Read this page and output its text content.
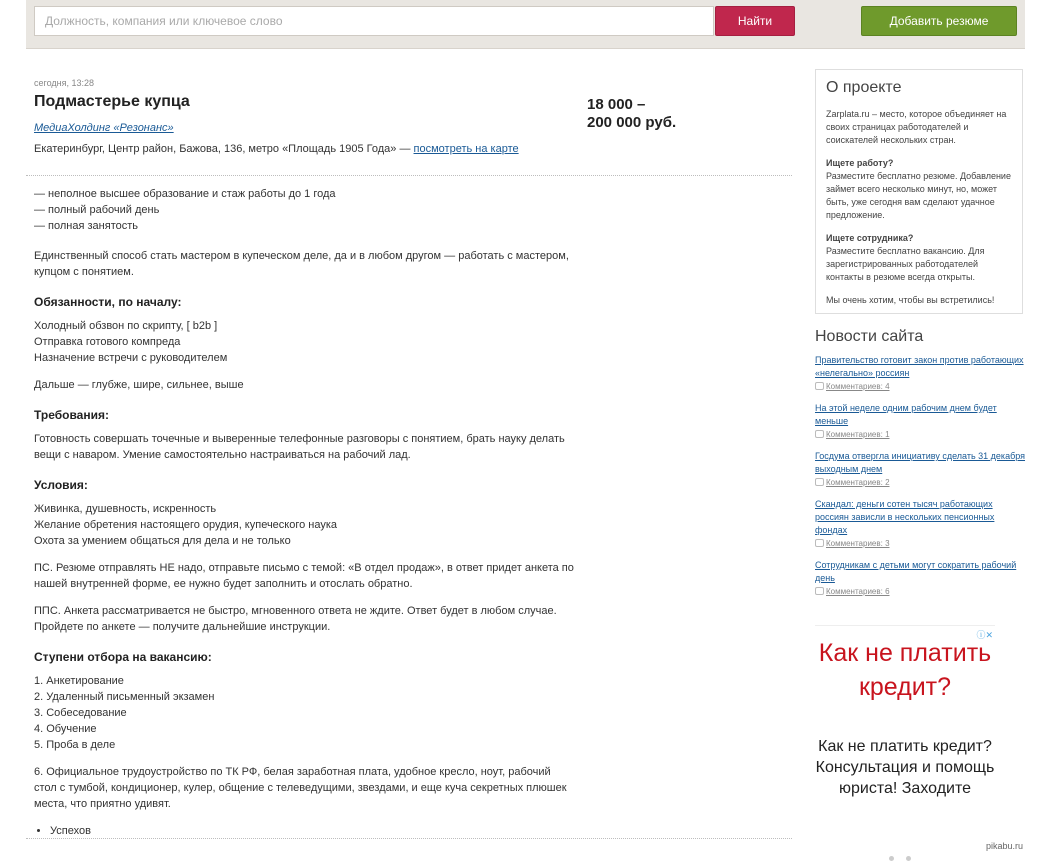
Должность, компания или ключевое слово
Найти	Добавить резюме
сегодня, 13:28
Подмастерье купца
МедиаХолдинг «Резонанс»
Екатеринбург, Центр район, Бажова, 136, метро «Площадь 1905 Года» — посмотреть на карте
18 000 –
200 000 руб.

— неполное высшее образование и стаж работы до 1 года
— полный рабочий день
— полная занятость

Единственный способ стать мастером в купеческом деле, да и в любом другом — работать с мастером, купцом с понятием.

Обязанности, по началу:

Холодный обзвон по скрипту, [ b2b ]
Отправка готового компреда
Назначение встречи с руководителем

Дальше — глубже, шире, сильнее, выше

Требования:

Готовность совершать точечные и выверенные телефонные разговоры с понятием, брать науку делать вещи с наваром. Умение самостоятельно настраиваться на рабочий лад.

Условия:

Живинка, душевность, искренность
Желание обретения настоящего орудия, купеческого наука
Охота за умением общаться для дела и не только

ПС. Резюме отправлять НЕ надо, отправьте письмо с темой: «В отдел продаж», в ответ придет анкета по нашей внутренней форме, ее нужно будет заполнить и отослать обратно.

ППС. Анкета рассматривается не быстро, мгновенного ответа не ждите. Ответ будет в любом случае. Пройдете по анкете — получите дальнейшие инструкции.

Ступени отбора на вакансию:

1. Анкетирование
2. Удаленный письменный экзамен
3. Собеседование
4. Обучение
5. Проба в деле

6. Официальное трудоустройство по ТК РФ, белая заработная плата, удобное кресло, ноут, рабочий стол с тумбой, кондиционер, кулер, общение с телеведущими, звездами, и еще куча секретных плюшек места, что приятно удивят.

• Успехов
О проекте

Zarplata.ru – место, которое объединяет на своих страницах работодателей и соискателей нескольких стран.

Ищете работу?
Разместите бесплатно резюме. Добавление займет всего несколько минут, но, может быть, уже сегодня вам сделают удачное предложение.

Ищете сотрудника?
Разместите бесплатно вакансию. Для зарегистрированных работодателей контакты в резюме всегда открыты.

Мы очень хотим, чтобы вы встретились!

Новости сайта
Правительство готовит закон против работающих «нелегально» россиян
Комментариев: 4
На этой неделе одним рабочим днем будет меньше
Комментариев: 1
Госдума отвергла инициативу сделать 31 декабря выходным днем
Комментариев: 2
Скандал: деньги сотен тысяч работающих россиян зависли в нескольких пенсионных фондах
Комментариев: 3
Сотрудникам с детьми могут сократить рабочий день
Комментариев: 6
ⓘ✕
Как не платить кредит?
Как не платить кредит? Консультация и помощь юриста! Заходите
pikabu.ru
